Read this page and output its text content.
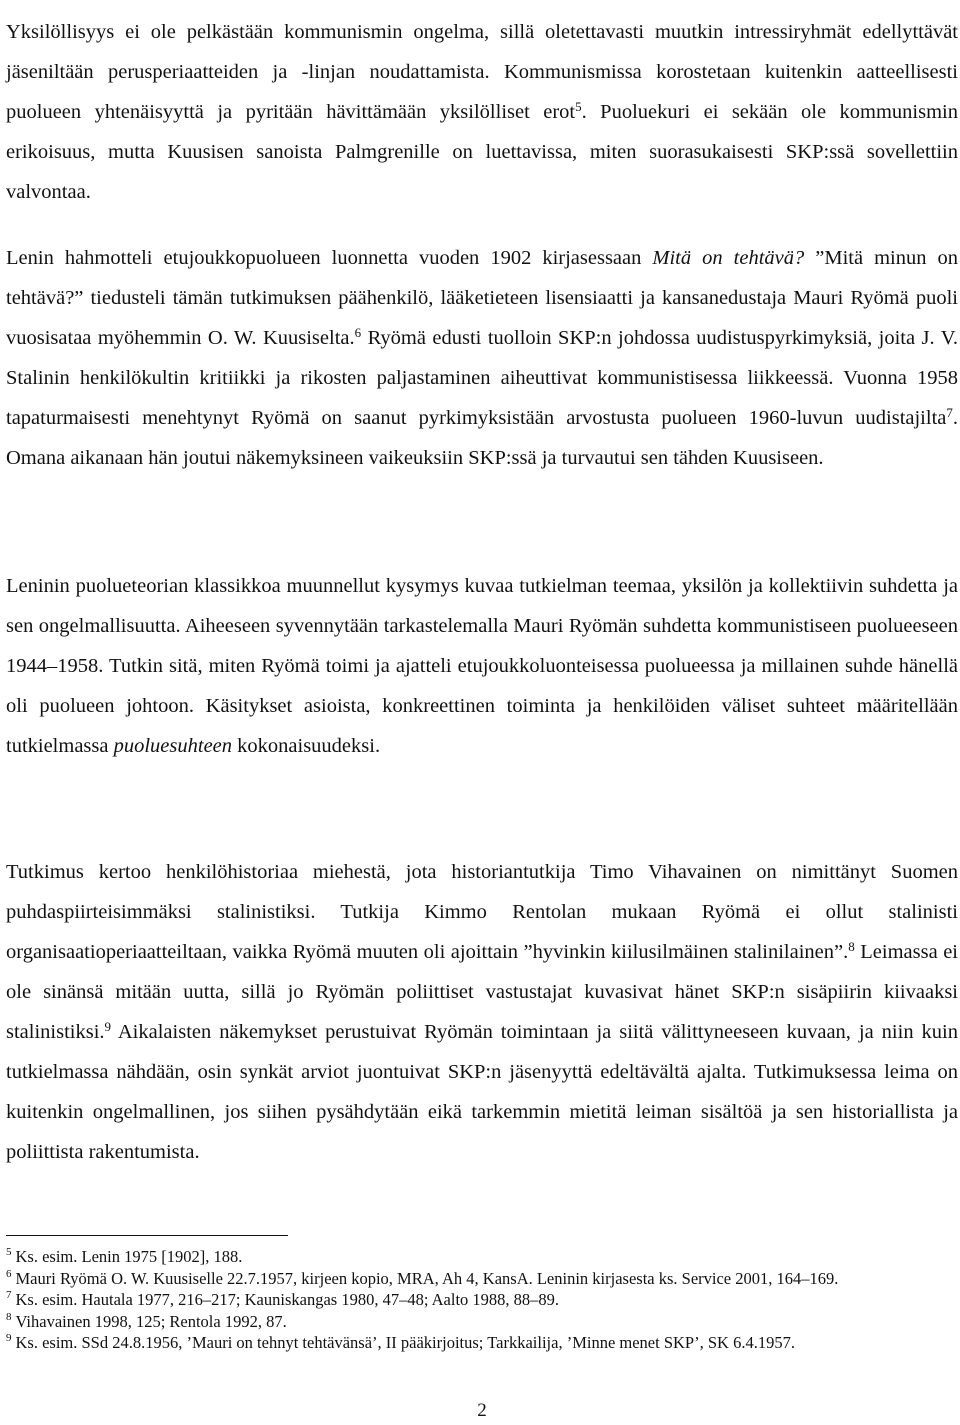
Yksilöllisyys ei ole pelkästään kommunismin ongelma, sillä oletettavasti muutkin intressiryhmät edellyttävät jäseniltään perusperiaatteiden ja -linjan noudattamista. Kommunismissa korostetaan kuitenkin aatteellisesti puolueen yhtenäisyyttä ja pyritään hävittämään yksilölliset erot$^5$. Puoluekuri ei sekään ole kommunismin erikoisuus, mutta Kuusisen sanoista Palmgrenille on luettavissa, miten suorasukaisesti SKP:ssä sovellettiin valvontaa.

Lenin hahmotteli etujoukkopuolueen luonnetta vuoden 1902 kirjasessaan Mitä on tehtävä? ”Mitä minun on tehtävä?” tiedusteli tämän tutkimuksen päähenkilö, lääketieteen lisensiaatti ja kansanedustaja Mauri Ryömä puoli vuosisataa myöhemmin O. W. Kuusiselta.$^6$ Ryömä edusti tuolloin SKP:n johdossa uudistuspyrkimyksiä, joita J. V. Stalinin henkilökultin kritiikki ja rikosten paljastaminen aiheuttivat kommunistisessa liikkeessä. Vuonna 1958 tapaturmaisesti menehtynyt Ryömä on saanut pyrkimyksistään arvostusta puolueen 1960-luvun uudistajilta$^7$. Omana aikanaan hän joutui näkemyksineen vaikeuksiin SKP:ssä ja turvautui sen tähden Kuusiseen.

Leninin puolueteorian klassikkoa muunnellut kysymys kuvaa tutkielman teemaa, yksilön ja kollektiivin suhdetta ja sen ongelmallisuutta. Aiheeseen syvennytään tarkastelemalla Mauri Ryömän suhdetta kommunistiseen puolueeseen 1944–1958. Tutkin sitä, miten Ryömä toimi ja ajatteli etujoukkoluonteisessa puolueessa ja millainen suhde hänellä oli puolueen johtoon. Käsitykset asioista, konkreettinen toiminta ja henkilöiden väliset suhteet määritellään tutkielmassa puoluesuhteen kokonaisuudeksi.

Tutkimus kertoo henkilöhistoriaa miehestä, jota historiantutkija Timo Vihavainen on nimittänyt Suomen puhdaspiirteisimmäksi stalinistiksi. Tutkija Kimmo Rentolan mukaan Ryömä ei ollut stalinisti organisaatioperiaatteiltaan, vaikka Ryömä muuten oli ajoittain ”hyvinkin kiilusilmäinen stalinilainen”.$^8$ Leimassa ei ole sinänsä mitään uutta, sillä jo Ryömän poliittiset vastustajat kuvasivat hänet SKP:n sisäpiirin kiivaaksi stalinistiksi.$^9$ Aikalaisten näkemykset perustuivat Ryömän toimintaan ja siitä välittyneeseen kuvaan, ja niin kuin tutkielmassa nähdään, osin synkät arviot juontuivat SKP:n jäsenyyttä edeltävältä ajalta. Tutkimuksessa leima on kuitenkin ongelmallinen, jos siihen pysähdytään eikä tarkemmin mietitä leiman sisältöä ja sen historiallista ja poliittista rakentumista.

$^5$ Ks. esim. Lenin 1975 [1902], 188.

$^6$ Mauri Ryömä O. W. Kuusiselle 22.7.1957, kirjeen kopio, MRA, Ah 4, KansA. Leninin kirjasesta ks. Service 2001, 164–169.

$^7$ Ks. esim. Hautala 1977, 216–217; Kauniskangas 1980, 47–48; Aalto 1988, 88–89.

$^8$ Vihavainen 1998, 125; Rentola 1992, 87.

$^9$ Ks. esim. SSd 24.8.1956, ’Mauri on tehnyt tehtävänsä’, II pääkirjoitus; Tarkkailija, ’Minne menet SKP’, SK 6.4.1957.

2
